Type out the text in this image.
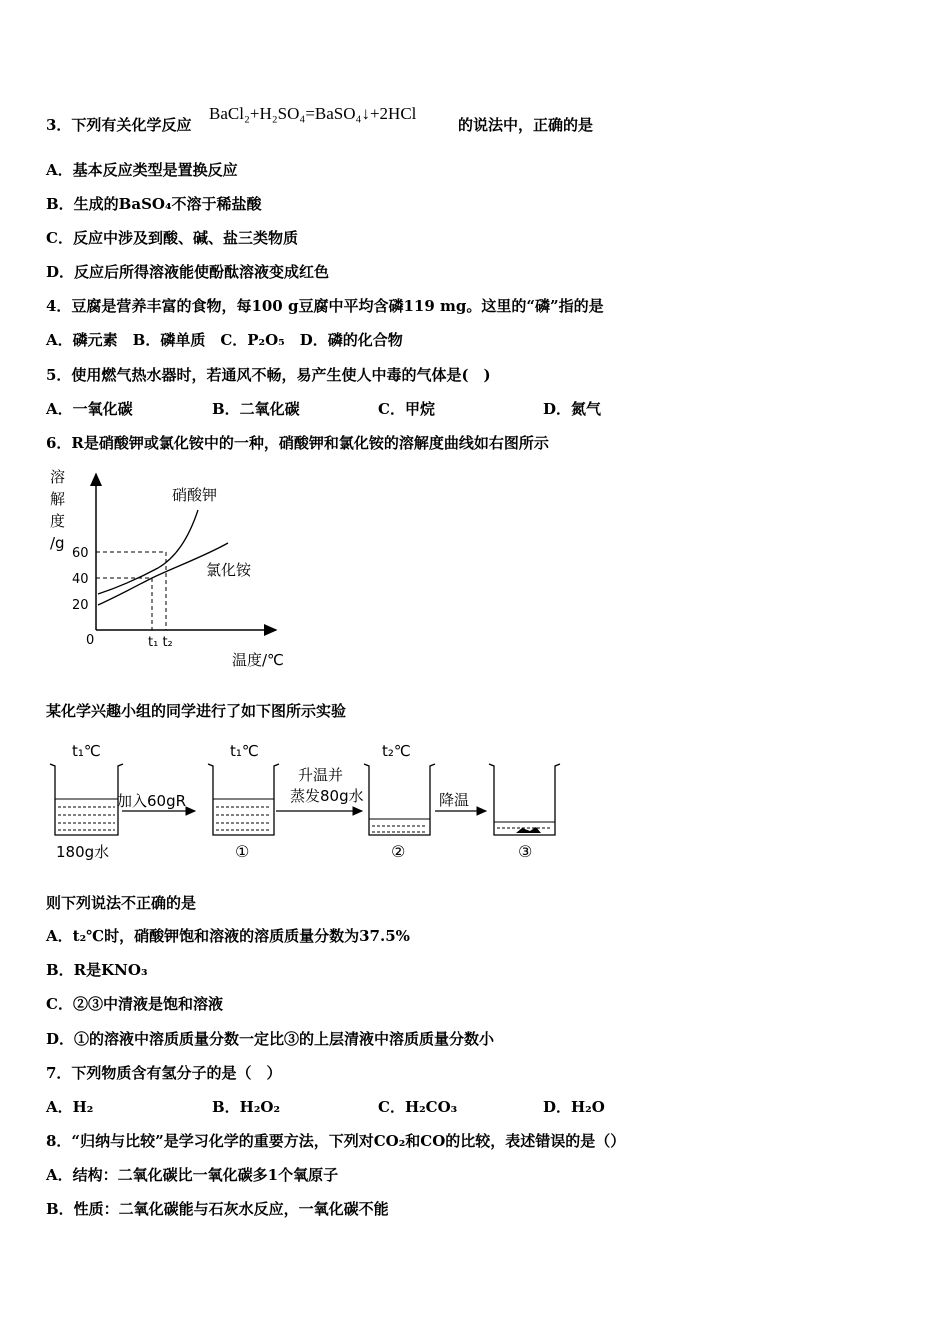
3．下列有关化学反应
BaCl₂+H₂SO₄=BaSO₄↓+2HCl
的说法中，正确的是
A．基本反应类型是置换反应
B．生成的BaSO₄不溶于稀盐酸
C．反应中涉及到酸、碱、盐三类物质
D．反应后所得溶液能使酚酞溶液变成红色
4．豆腐是营养丰富的食物，每100 g豆腐中平均含磷119 mg。这里的“磷”指的是
A．磷元素　B．磷单质　C．P₂O₅　D．磷的化合物
5．使用燃气热水器时，若通风不畅，易产生使人中毒的气体是(　)
A．一氧化碳	B．二氧化碳	C．甲烷	D．氮气
6．R是硝酸钾或氯化铵中的一种，硝酸钾和氯化铵的溶解度曲线如右图所示
溶
解
度
/g
60
40
20
0
硝酸钾
氯化铵
t₁ t₂
温度/℃
某化学兴趣小组的同学进行了如下图所示实验
t₁℃	t₁℃	t₂℃
180g水
加入60gR
①
升温并
蒸发80g水
②
降温
③
则下列说法不正确的是
A．t₂℃时，硝酸钾饱和溶液的溶质质量分数为37.5%
B．R是KNO₃
C．②③中清液是饱和溶液
D．①的溶液中溶质质量分数一定比③的上层清液中溶质质量分数小
7．下列物质含有氢分子的是（　）
A．H₂	B．H₂O₂	C．H₂CO₃	D．H₂O
8．“归纳与比较”是学习化学的重要方法，下列对CO₂和CO的比较，表述错误的是（）
A．结构：二氧化碳比一氧化碳多1个氧原子
B．性质：二氧化碳能与石灰水反应，一氧化碳不能
